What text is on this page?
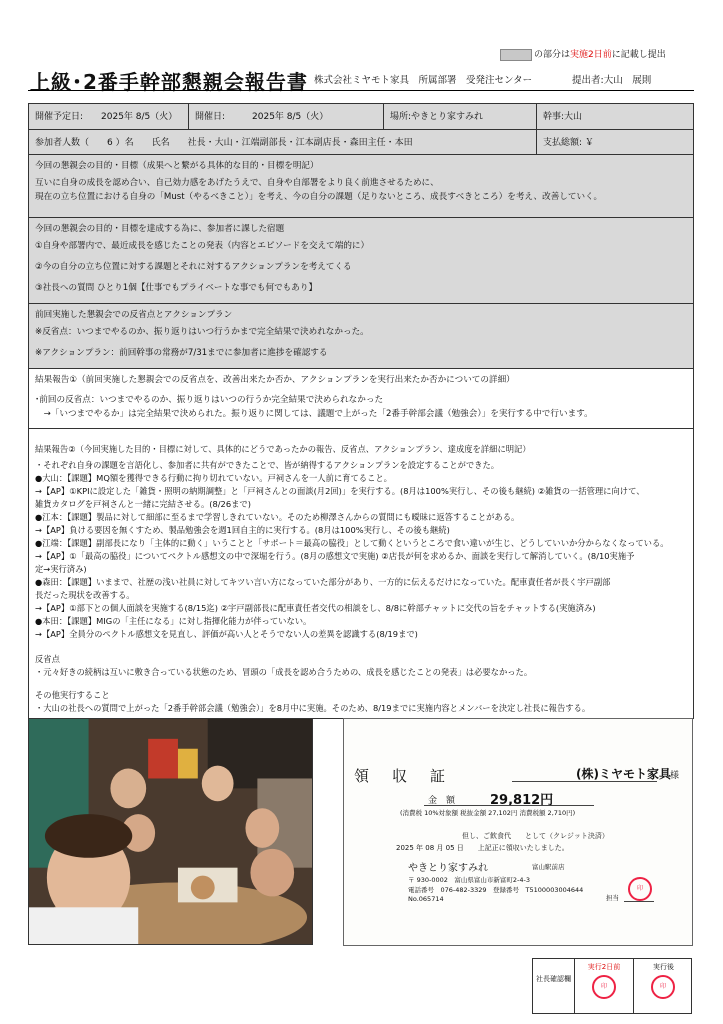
の部分は実施2日前に記載し提出
上級･2番手幹部懇親会報告書 株式会社ミヤモト家具　所属部署　受発注センター	提出者:大山　展則
開催予定日:　　2025年 8/5（火）	開催日:　　　2025年 8/5（火）	場所:やきとり家すみれ	幹事:大山
参加者人数（　　6 ）名　　氏名　　社長・大山・江端副部長・江本副店長・森田主任・本田	支払総額: ￥

今回の懇親会の目的・目標（成果へと繋がる具体的な目的・目標を明記）

互いに自身の成長を認め合い、自己効力感をあげたうえで、自身や自部署をより良く前進させるために、

現在の立ち位置における自身の「Must（やるべきこと）」を考え、今の自分の課題（足りないところ、成長すべきところ）を考え、改善していく。

今回の懇親会の目的・目標を達成する為に、参加者に課した宿題

①自身や部署内で、最近成長を感じたことの発表（内容とエピソードを交えて端的に）

②今の自分の立ち位置に対する課題とそれに対するアクションプランを考えてくる

③社長への質問 ひとり1個【仕事でもプライベートな事でも何でもあり】

前回実施した懇親会での反省点とアクションプラン

※反省点：いつまでやるのか、振り返りはいつ行うかまで完全結果で決めれなかった。

※アクションプラン：前回幹事の常務が7/31までに参加者に進捗を確認する

結果報告①（前回実施した懇親会での反省点を、改善出来たか否か、アクションプランを実行出来たか否かについての詳細）

･前回の反省点：いつまでやるのか、振り返りはいつの行うか完全結果で決められなかった

　→「いつまでやるか」は完全結果で決められた。振り返りに関しては、議題で上がった「2番手幹部会議（勉強会）」を実行する中で行います。

結果報告②（今回実施した目的・目標に対して、具体的にどうであったかの報告、反省点、アクションプラン、達成度を詳細に明記）

・それぞれ自身の課題を言語化し、参加者に共有ができたことで、皆が納得するアクションプランを設定することができた。

●大山：【課題】MQ額を獲得できる行動に拘り切れていない。戸祠さんを一人前に育てること。

→【AP】①KPIに設定した「雑貨・照明の納期調整」と「戸祠さんとの面談(月2回)」を実行する。(8月は100%実行し、その後も継続) ②雑貨の一括管理に向けて、

雑貨カタログを戸祠さんと一緒に完結させる。(8/26まで)

●江本：【課題】製品に対して細部に至るまで学習しきれていない。そのため柳澤さんからの質問にも曖昧に返答することがある。

→【AP】負ける要因を無くすため、製品勉強会を週1回自主的に実行する。(8月は100%実行し、その後も継続)

●江端：【課題】副部長になり「主体的に動く」いうことと「サポート＝最高の脇役」として動くというところで食い違いが生じ、どうしていいか分からなくなっている。

→【AP】①「最高の脇役」についてペクトル感想文の中で深堀を行う。(8月の感想文で実施) ②店長が何を求めるか、面談を実行して解消していく。(8/10実施予

定→実行済み)

●森田：【課題】いままで、社歴の浅い社員に対してキツい言い方になっていた部分があり、一方的に伝えるだけになっていた。配車責任者が長く宇戸副部

長だった現状を改善する。

→【AP】①部下との個人面談を実施する(8/15迄) ②宇戸副部長に配車責任者交代の相談をし、8/8に幹部チャットに交代の旨をチャットする(実施済み)

●本田：【課題】MIGの「主任になる」に対し指揮化能力が伴っていない。

→【AP】全員分のペクトル感想文を見直し、評価が高い人とそうでない人の差異を認識する(8/19まで)

反省点

・元々好きの続柄は互いに敷き合っている状態のため、冒頭の「成長を認め合うための、成長を感じたことの発表」は必要なかった。

その他実行すること

・大山の社長への質問で上がった「2番手幹部会議（勉強会）」を8月中に実施。そのため、8/19までに実施内容とメンバーを決定し社長に報告する。

領　収　証	(株)ミヤモト家具 様
金　額	29,812円
(消費税 10%対象額 税抜金額 27,102円 消費税額 2,710円)
但し、ご飲食代　　として（クレジット決済）
2025 年 08 月 05 日　　上記正に領収いたしました。
やきとり家すみれ	富山駅前店
〒 930-0002　富山県富山市新富町2-4-3
電話番号　076-482-3329　登録番号　T5100003004644
No.065714	担当
印
社長確認欄
実行2日前
印
実行後
印
